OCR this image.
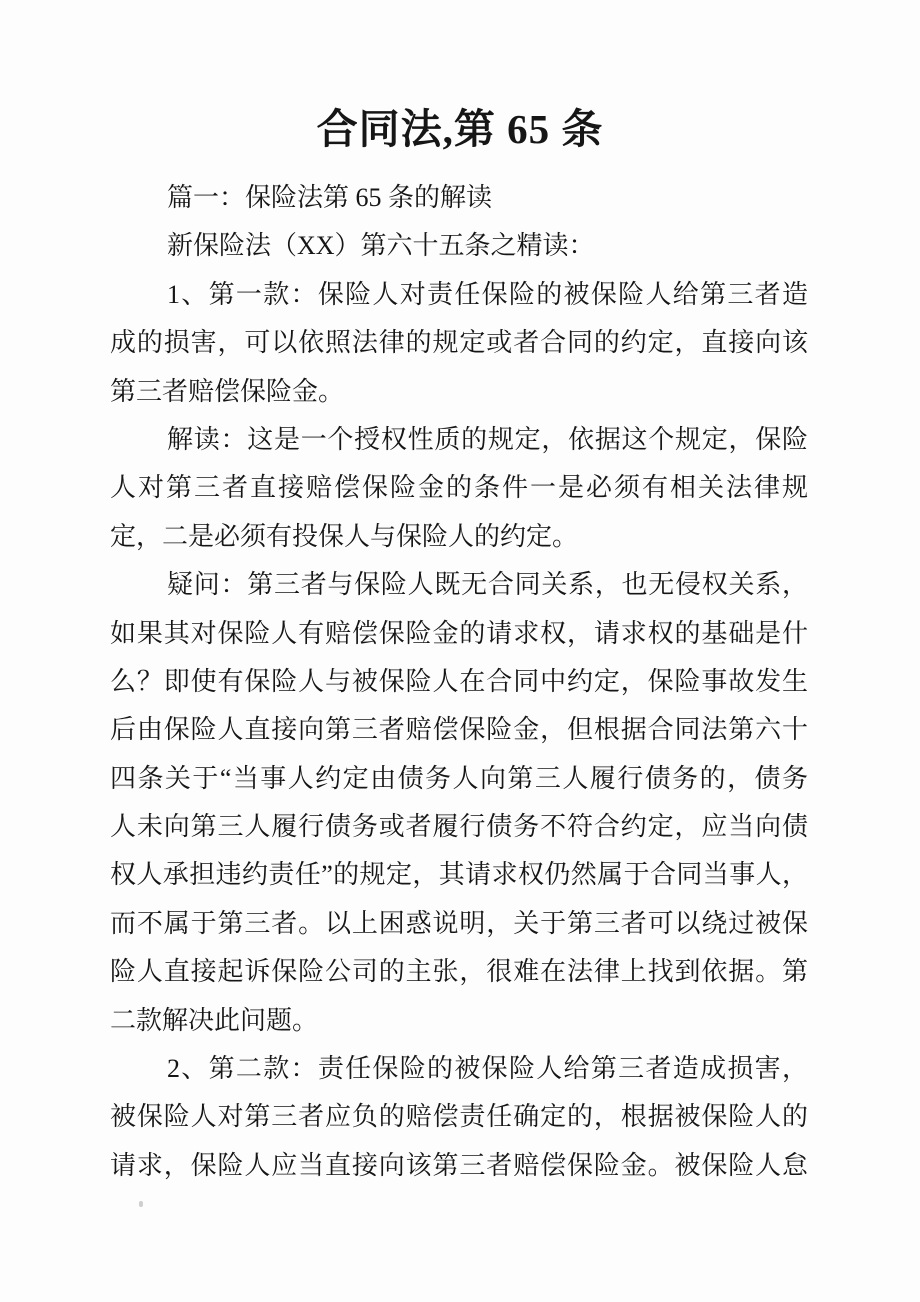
合同法,第 65 条
篇一：保险法第 65 条的解读
新保险法（XX）第六十五条之精读：
1、第一款：保险人对责任保险的被保险人给第三者造
成的损害，可以依照法律的规定或者合同的约定，直接向该
第三者赔偿保险金。
解读：这是一个授权性质的规定，依据这个规定，保险
人对第三者直接赔偿保险金的条件一是必须有相关法律规
定，二是必须有投保人与保险人的约定。
疑问：第三者与保险人既无合同关系，也无侵权关系，
如果其对保险人有赔偿保险金的请求权，请求权的基础是什
么？即使有保险人与被保险人在合同中约定，保险事故发生
后由保险人直接向第三者赔偿保险金，但根据合同法第六十
四条关于“当事人约定由债务人向第三人履行债务的，债务
人未向第三人履行债务或者履行债务不符合约定，应当向债
权人承担违约责任”的规定，其请求权仍然属于合同当事人，
而不属于第三者。以上困惑说明，关于第三者可以绕过被保
险人直接起诉保险公司的主张，很难在法律上找到依据。第
二款解决此问题。
2、第二款：责任保险的被保险人给第三者造成损害，
被保险人对第三者应负的赔偿责任确定的，根据被保险人的
请求，保险人应当直接向该第三者赔偿保险金。被保险人怠
